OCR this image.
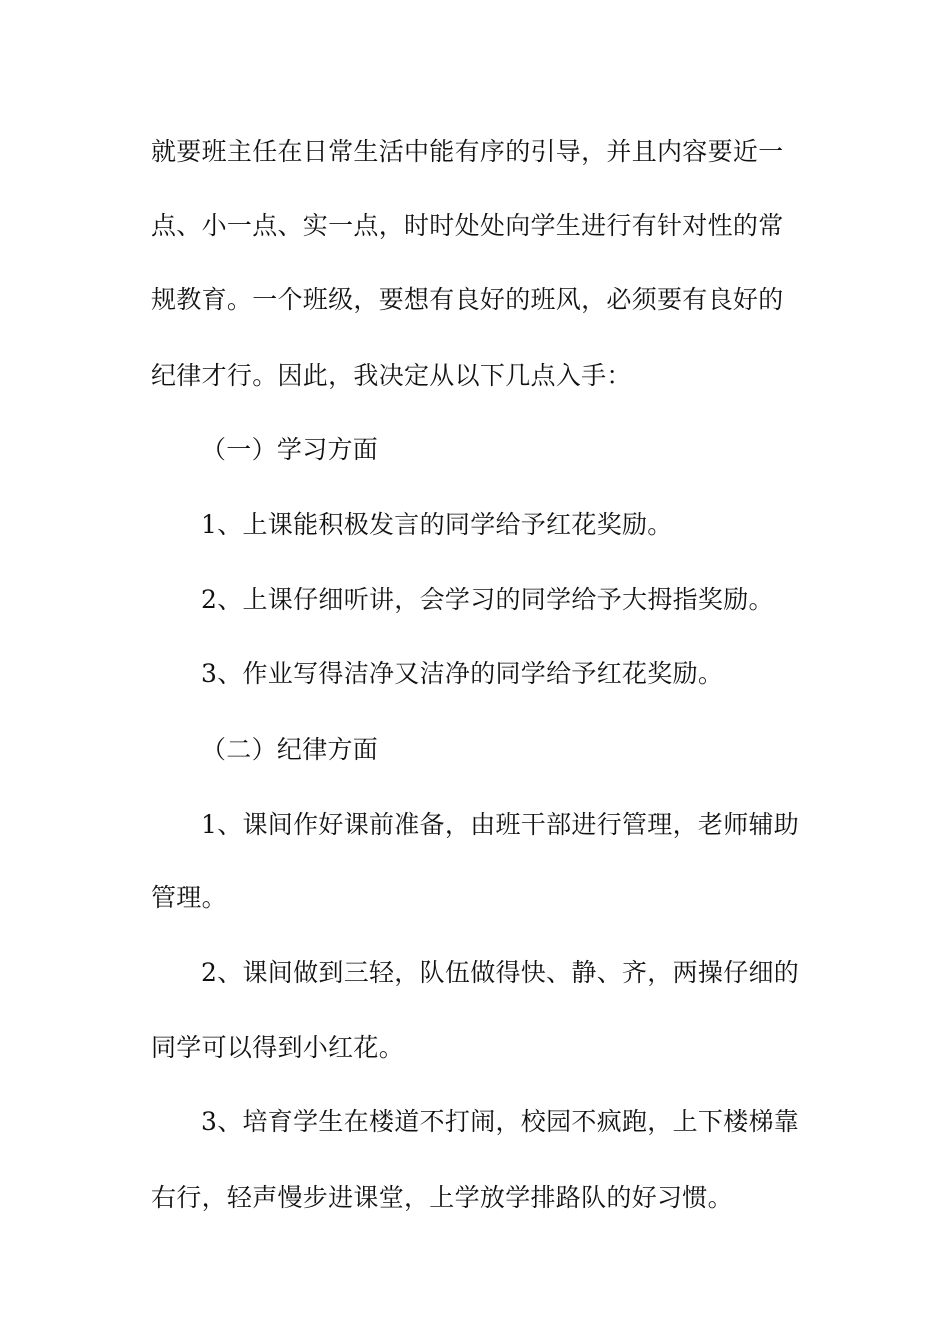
就要班主任在日常生活中能有序的引导，并且内容要近一
点、小一点、实一点，时时处处向学生进行有针对性的常
规教育。一个班级，要想有良好的班风，必须要有良好的
纪律才行。因此，我决定从以下几点入手：
（一）学习方面
1、上课能积极发言的同学给予红花奖励。
2、上课仔细听讲，会学习的同学给予大拇指奖励。
3、作业写得洁净又洁净的同学给予红花奖励。
（二）纪律方面
1、课间作好课前准备，由班干部进行管理，老师辅助
管理。
2、课间做到三轻，队伍做得快、静、齐，两操仔细的
同学可以得到小红花。
3、培育学生在楼道不打闹，校园不疯跑，上下楼梯靠
右行，轻声慢步进课堂，上学放学排路队的好习惯。
